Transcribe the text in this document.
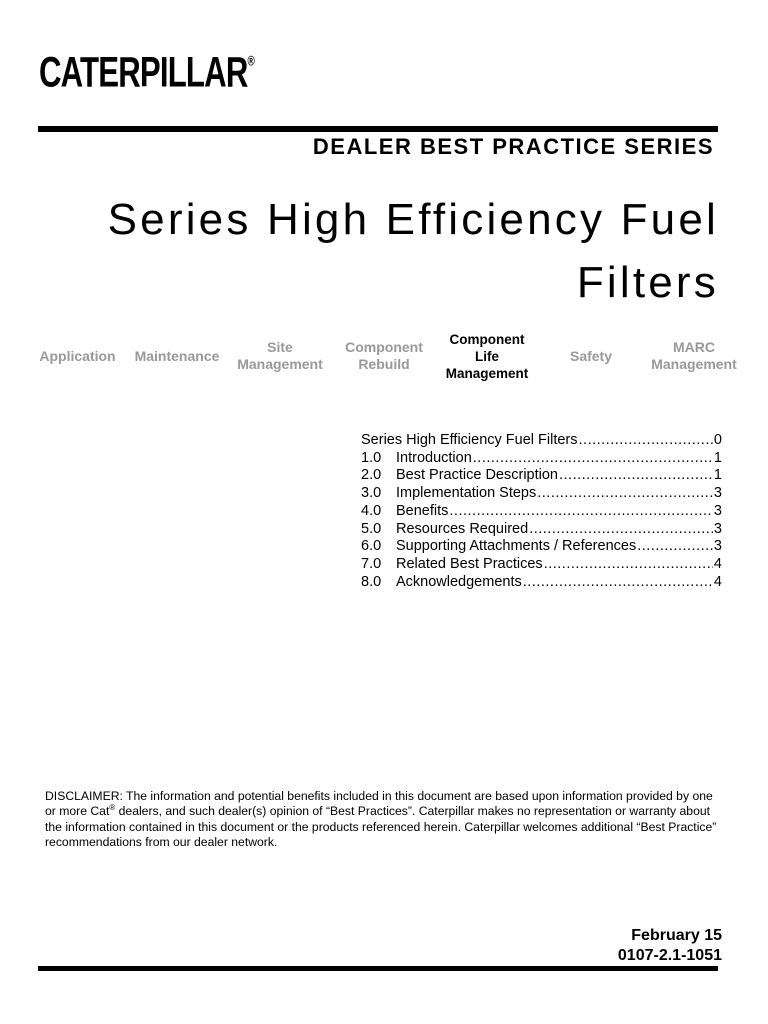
CATERPILLAR®
DEALER BEST PRACTICE SERIES
Series High Efficiency Fuel
Filters
Application	Maintenance
Site
Management
Component
Rebuild
Component
Life
Management
Safety
MARC
Management
Series High Efficiency Fuel Filters .....	0
1.0	Introduction .....	1
2.0	Best Practice Description .....	1
3.0	Implementation Steps .....	3
4.0	Benefits .....	3
5.0	Resources Required .....	3
6.0	Supporting Attachments / References .....	3
7.0	Related Best Practices .....	4
8.0	Acknowledgements .....	4
DISCLAIMER: The information and potential benefits included in this document are based upon information provided by one or more Cat® dealers, and such dealer(s) opinion of “Best Practices”. Caterpillar makes no representation or warranty about the information contained in this document or the products referenced herein. Caterpillar welcomes additional “Best Practice” recommendations from our dealer network.
February 15
0107-2.1-1051
